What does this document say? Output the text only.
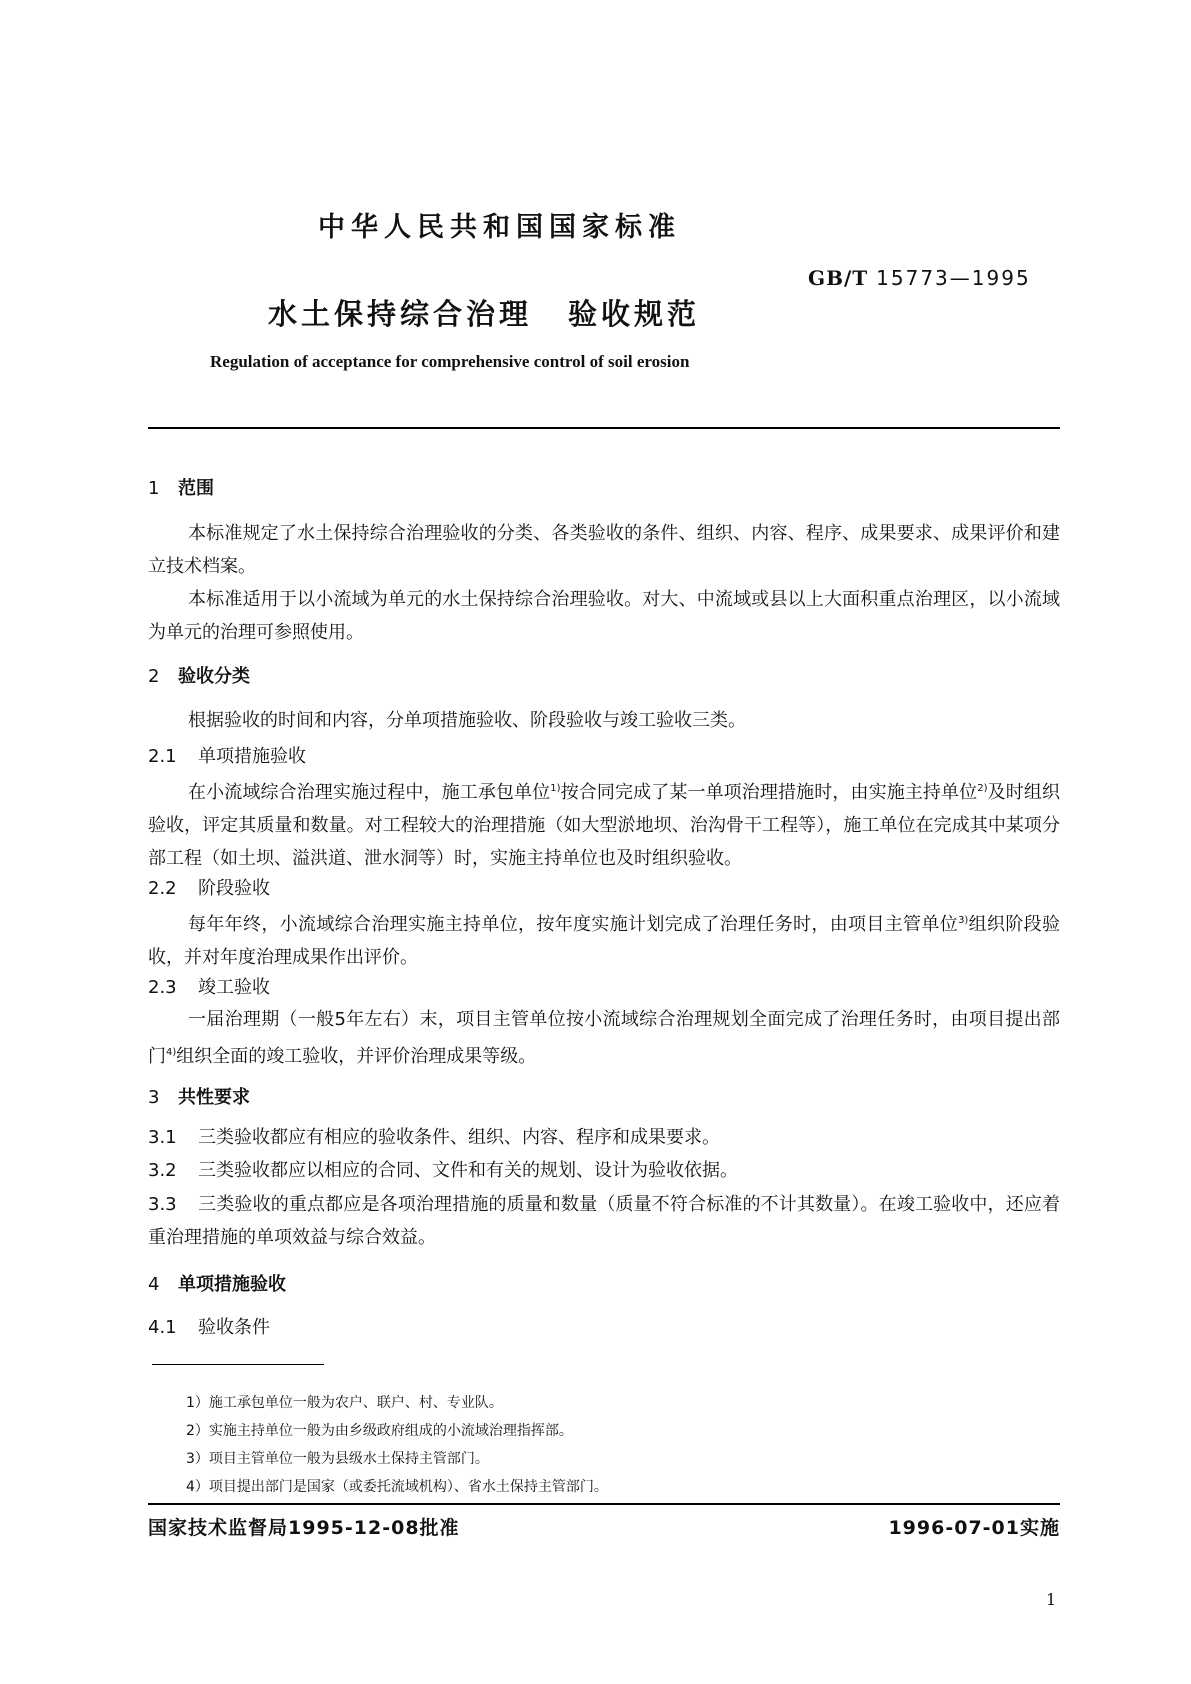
中华人民共和国国家标准
GB/T 15773—1995
水土保持综合治理 验收规范
Regulation of acceptance for comprehensive control of soil erosion
1 范围
本标准规定了水土保持综合治理验收的分类、各类验收的条件、组织、内容、程序、成果要求、成果评价和建立技术档案。
本标准适用于以小流域为单元的水土保持综合治理验收。对大、中流域或县以上大面积重点治理区，以小流域为单元的治理可参照使用。
2 验收分类
根据验收的时间和内容，分单项措施验收、阶段验收与竣工验收三类。
2.1 单项措施验收
在小流域综合治理实施过程中，施工承包单位$^{1)}$按合同完成了某一单项治理措施时，由实施主持单位$^{2)}$及时组织验收，评定其质量和数量。对工程较大的治理措施（如大型淤地坝、治沟骨干工程等），施工单位在完成其中某项分部工程（如土坝、溢洪道、泄水洞等）时，实施主持单位也及时组织验收。
2.2 阶段验收
每年年终，小流域综合治理实施主持单位，按年度实施计划完成了治理任务时，由项目主管单位$^{3)}$组织阶段验收，并对年度治理成果作出评价。
2.3 竣工验收
一届治理期（一般5年左右）末，项目主管单位按小流域综合治理规划全面完成了治理任务时，由项目提出部门$^{4)}$组织全面的竣工验收，并评价治理成果等级。
3 共性要求
3.1 三类验收都应有相应的验收条件、组织、内容、程序和成果要求。
3.2 三类验收都应以相应的合同、文件和有关的规划、设计为验收依据。
3.3 三类验收的重点都应是各项治理措施的质量和数量（质量不符合标准的不计其数量）。在竣工验收中，还应着重治理措施的单项效益与综合效益。
4 单项措施验收
4.1 验收条件
1）施工承包单位一般为农户、联户、村、专业队。
2）实施主持单位一般为由乡级政府组成的小流域治理指挥部。
3）项目主管单位一般为县级水土保持主管部门。
4）项目提出部门是国家（或委托流域机构）、省水土保持主管部门。
国家技术监督局1995-12-08批准	1996-07-01实施
1
